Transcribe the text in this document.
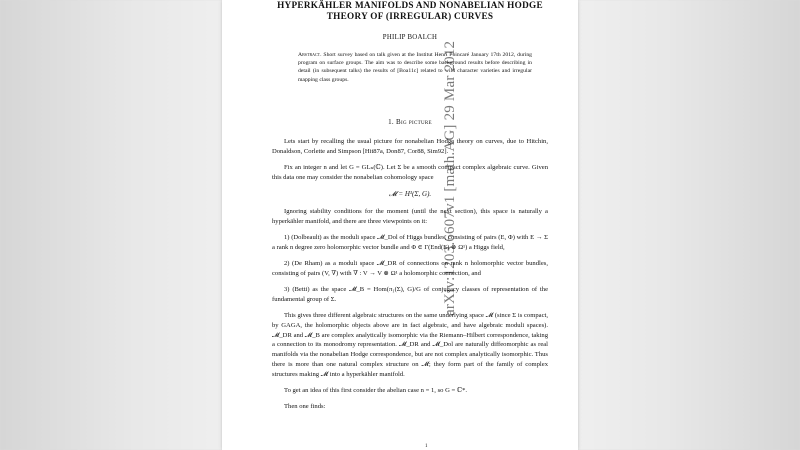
arXiv:1203.6607v1 [math.AG] 29 Mar 2012
HYPERKÄHLER MANIFOLDS AND NONABELIAN HODGE
THEORY OF (IRREGULAR) CURVES
PHILIP BOALCH
Abstract. Short survey based on talk given at the Institut Henri Poincaré January 17th 2012, during program on surface groups. The aim was to describe some background results before describing in detail (in subsequent talks) the results of [Boa11c] related to wild character varieties and irregular mapping class groups.
1. Big picture

Lets start by recalling the usual picture for nonabelian Hodge theory on curves, due to Hitchin, Donaldson, Corlette and Simpson [Hit87a, Don87, Cor88, Sim92].

Fix an integer n and let G = GLₙ(ℂ). Let Σ be a smooth compact complex algebraic curve. Given this data one may consider the nonabelian cohomology space

𝓜 = H¹(Σ, G).

Ignoring stability conditions for the moment (until the next section), this space is naturally a hyperkähler manifold, and there are three viewpoints on it:

1) (Dolbeault) as the moduli space 𝓜_Dol of Higgs bundles, consisting of pairs (E, Φ) with E → Σ a rank n degree zero holomorphic vector bundle and Φ ∈ Γ(End(E) ⊗ Ω¹) a Higgs field,

2) (De Rham) as a moduli space 𝓜_DR of connections on rank n holomorphic vector bundles, consisting of pairs (V, ∇) with ∇ : V → V ⊗ Ω¹ a holomorphic connection, and

3) (Betti) as the space 𝓜_B = Hom(π₁(Σ), G)/G of conjugacy classes of representation of the fundamental group of Σ.

This gives three different algebraic structures on the same underlying space 𝓜 (since Σ is compact, by GAGA, the holomorphic objects above are in fact algebraic, and have algebraic moduli spaces). 𝓜_DR and 𝓜_B are complex analytically isomorphic via the Riemann–Hilbert correspondence, taking a connection to its monodromy representation. 𝓜_DR and 𝓜_Dol are naturally diffeomorphic as real manifolds via the nonabelian Hodge correspondence, but are not complex analytically isomorphic. Thus there is more than one natural complex structure on 𝓜; they form part of the family of complex structures making 𝓜 into a hyperkähler manifold.

To get an idea of this first consider the abelian case n = 1, so G = ℂ*.

Then one finds:

1
